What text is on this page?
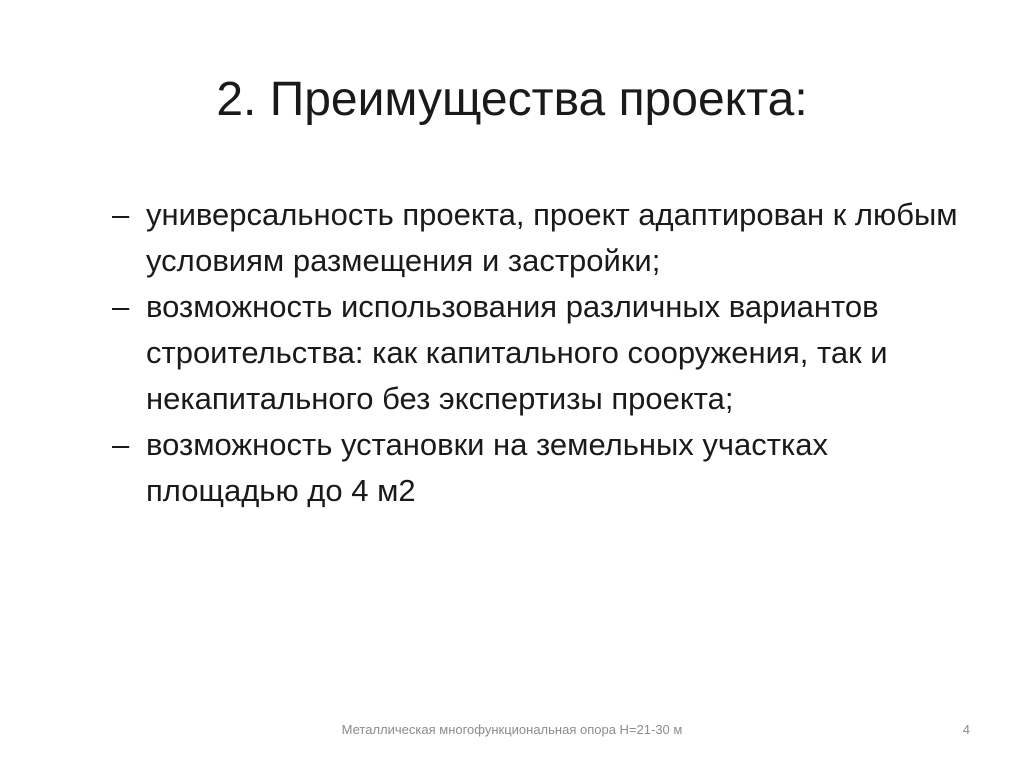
2. Преимущества проекта:
– универсальность проекта, проект адаптирован к любым условиям размещения и застройки;
– возможность использования различных вариантов строительства: как капитального сооружения, так и некапитального без экспертизы проекта;
– возможность установки на земельных участках площадью до 4 м2
Металлическая многофункциональная опора Н=21-30 м	4
